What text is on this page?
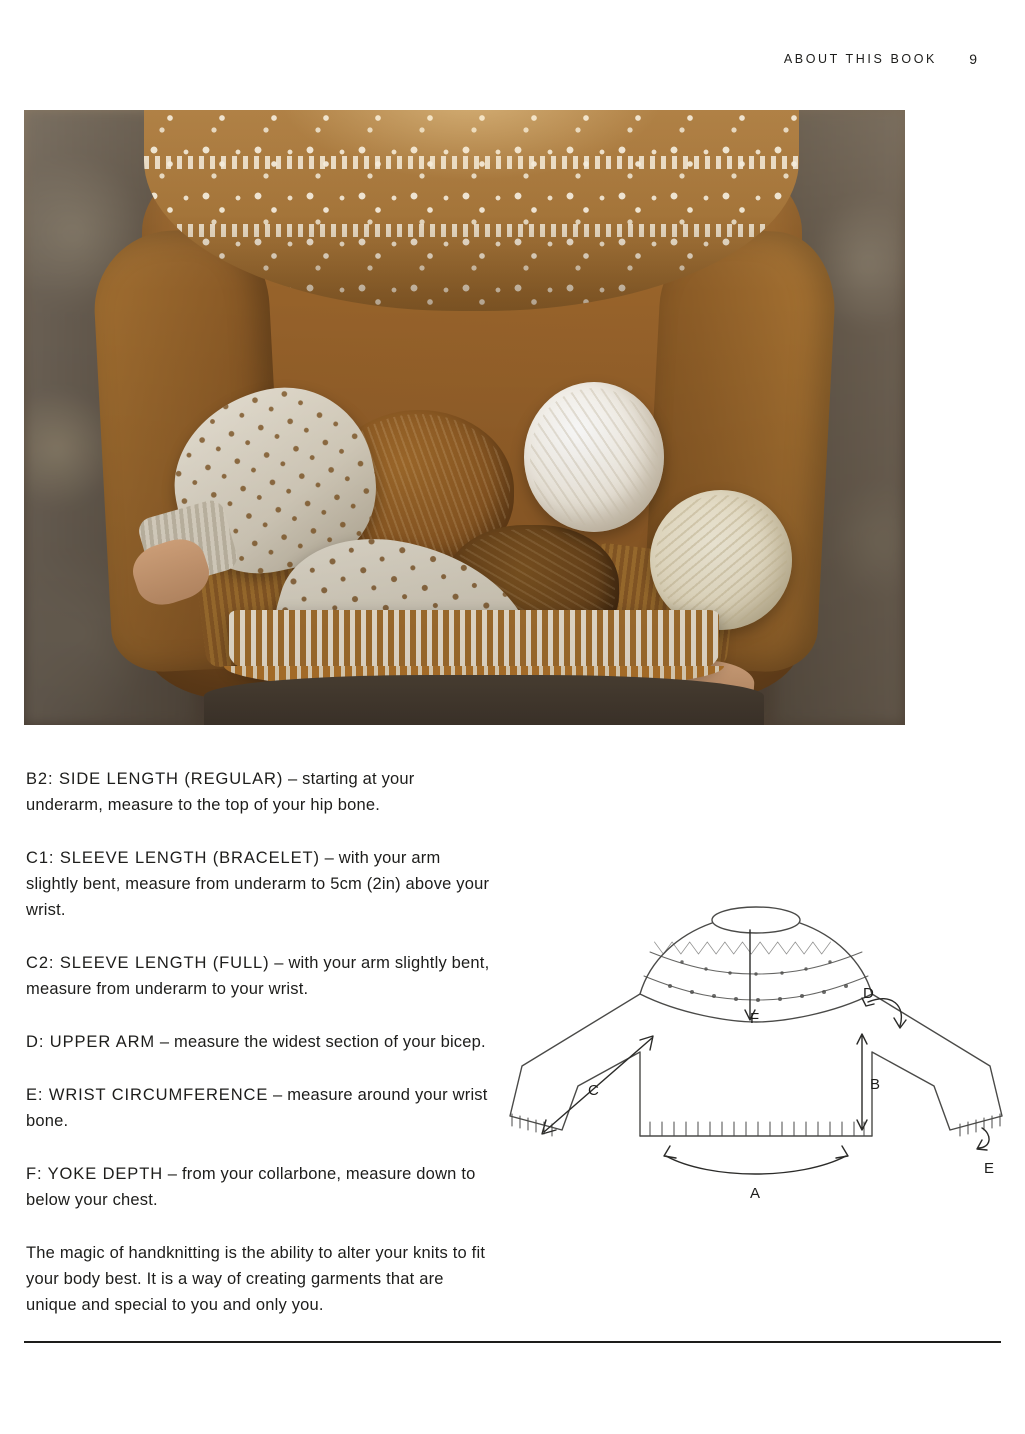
ABOUT THIS BOOK 9

B2: SIDE LENGTH (REGULAR) – starting at your underarm, measure to the top of your hip bone.

C1: SLEEVE LENGTH (BRACELET) – with your arm slightly bent, measure from underarm to 5cm (2in) above your wrist.

C2: SLEEVE LENGTH (FULL) – with your arm slightly bent, measure from underarm to your wrist.

D: UPPER ARM – measure the widest section of your bicep.

E: WRIST CIRCUMFERENCE – measure around your wrist bone.

F: YOKE DEPTH – from your collarbone, measure down to below your chest.

The magic of handknitting is the ability to alter your knits to fit your body best. It is a way of creating garments that are unique and special to you and only you.

F
D
B
C
E
A
